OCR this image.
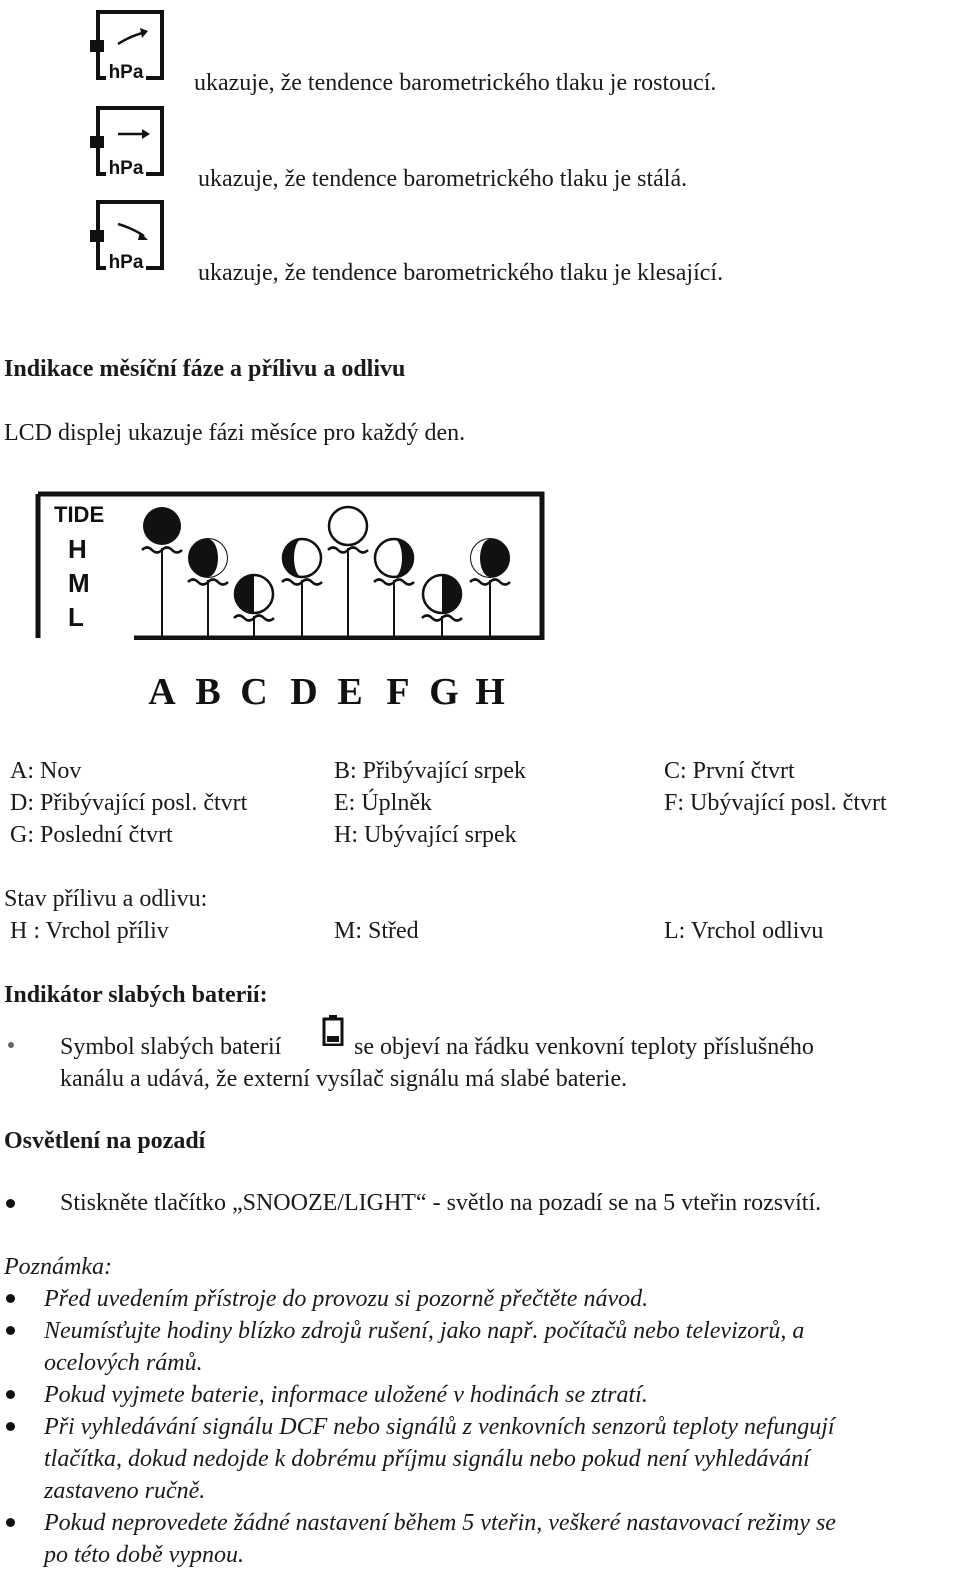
hPa
hPa
hPa
ukazuje, že tendence barometrického tlaku je rostoucí.
ukazuje, že tendence barometrického tlaku je stálá.
ukazuje, že tendence barometrického tlaku je klesající.
Indikace měsíční fáze a přílivu a odlivu
LCD displej ukazuje fázi měsíce pro každý den.
TIDE
H
M
L
A B C D E F G H
A: Nov	B: Přibývající srpek	C: První čtvrt
D: Přibývající posl. čtvrt	E: Úplněk	F: Ubývající posl. čtvrt
G: Poslední čtvrt	H: Ubývající srpek
Stav přílivu a odlivu:
H : Vrchol příliv	M: Střed	L: Vrchol odlivu
Indikátor slabých baterií:
Symbol slabých baterií	se objeví na řádku venkovní teploty příslušného
kanálu a udává, že externí vysílač signálu má slabé baterie.
Osvětlení na pozadí
Stiskněte tlačítko „SNOOZE/LIGHT“ - světlo na pozadí se na 5 vteřin rozsvítí.
Poznámka:
Před uvedením přístroje do provozu si pozorně přečtěte návod.
Neumísťujte hodiny blízko zdrojů rušení, jako např. počítačů nebo televizorů, a
ocelových rámů.
Pokud vyjmete baterie, informace uložené v hodinách se ztratí.
Při vyhledávání signálu DCF nebo signálů z venkovních senzorů teploty nefungují
tlačítka, dokud nedojde k dobrému příjmu signálu nebo pokud není vyhledávání
zastaveno ručně.
Pokud neprovedete žádné nastavení během 5 vteřin, veškeré nastavovací režimy se
po této době vypnou.
